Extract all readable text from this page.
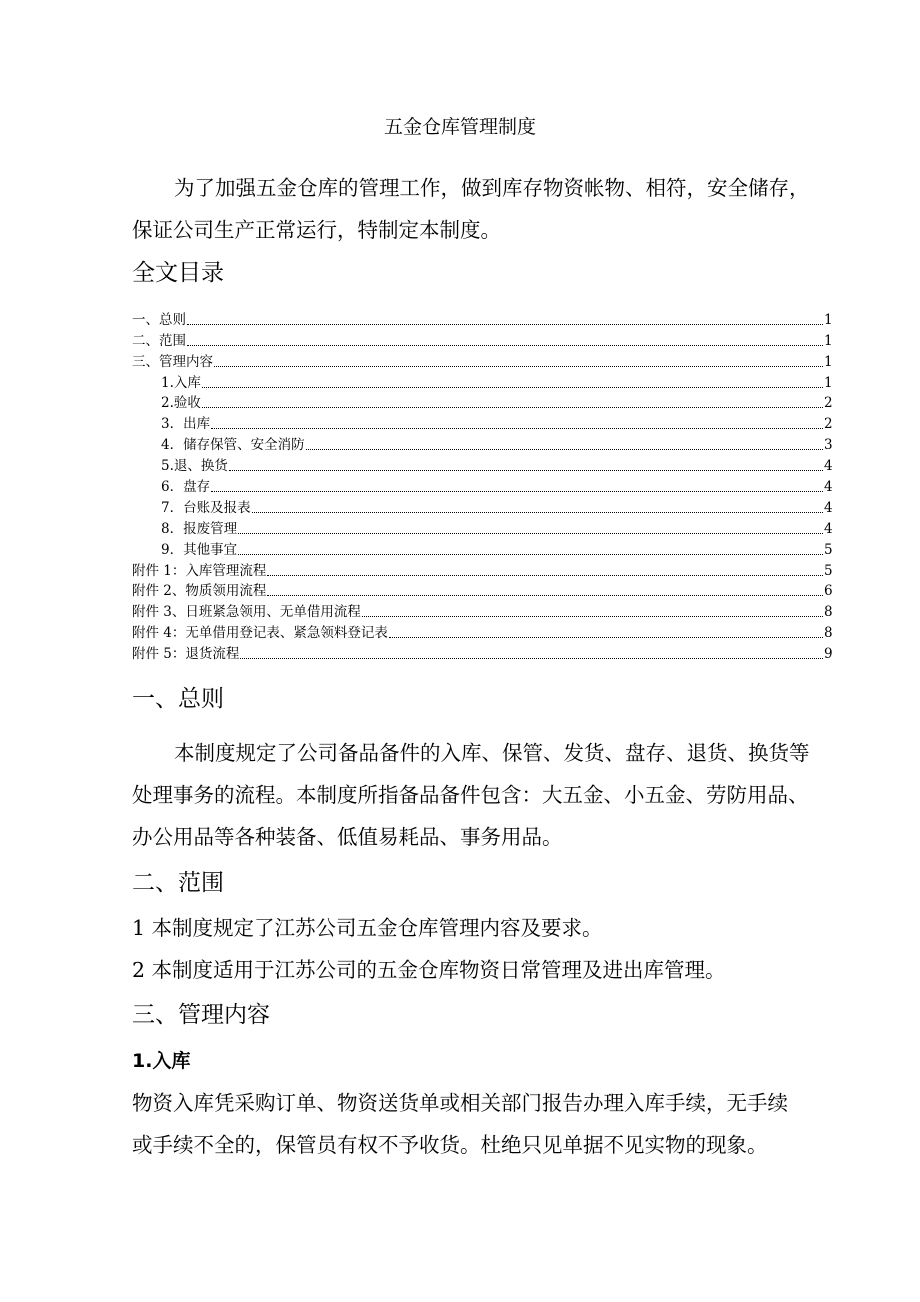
五金仓库管理制度

为了加强五金仓库的管理工作，做到库存物资帐物、相符，安全储存，
保证公司生产正常运行，特制定本制度。

全文目录
一、总则	1
二、范围	1
三、管理内容	1
1.入库	1
2.验收	2
3．出库	2
4．储存保管、安全消防	3
5.退、换货	4
6．盘存	4
7．台账及报表	4
8．报废管理	4
9．其他事宜	5
附件 1：入库管理流程	5
附件 2、物质领用流程	6
附件 3、日班紧急领用、无单借用流程	8
附件 4：无单借用登记表、紧急领料登记表	8
附件 5：退货流程	9
一、总则

本制度规定了公司备品备件的入库、保管、发货、盘存、退货、换货等
处理事务的流程。本制度所指备品备件包含：大五金、小五金、劳防用品、
办公用品等各种装备、低值易耗品、事务用品。

二、范围

1 本制度规定了江苏公司五金仓库管理内容及要求。
2 本制度适用于江苏公司的五金仓库物资日常管理及进出库管理。

三、管理内容
1.入库

物资入库凭采购订单、物资送货单或相关部门报告办理入库手续，无手续
或手续不全的，保管员有权不予收货。杜绝只见单据不见实物的现象。
